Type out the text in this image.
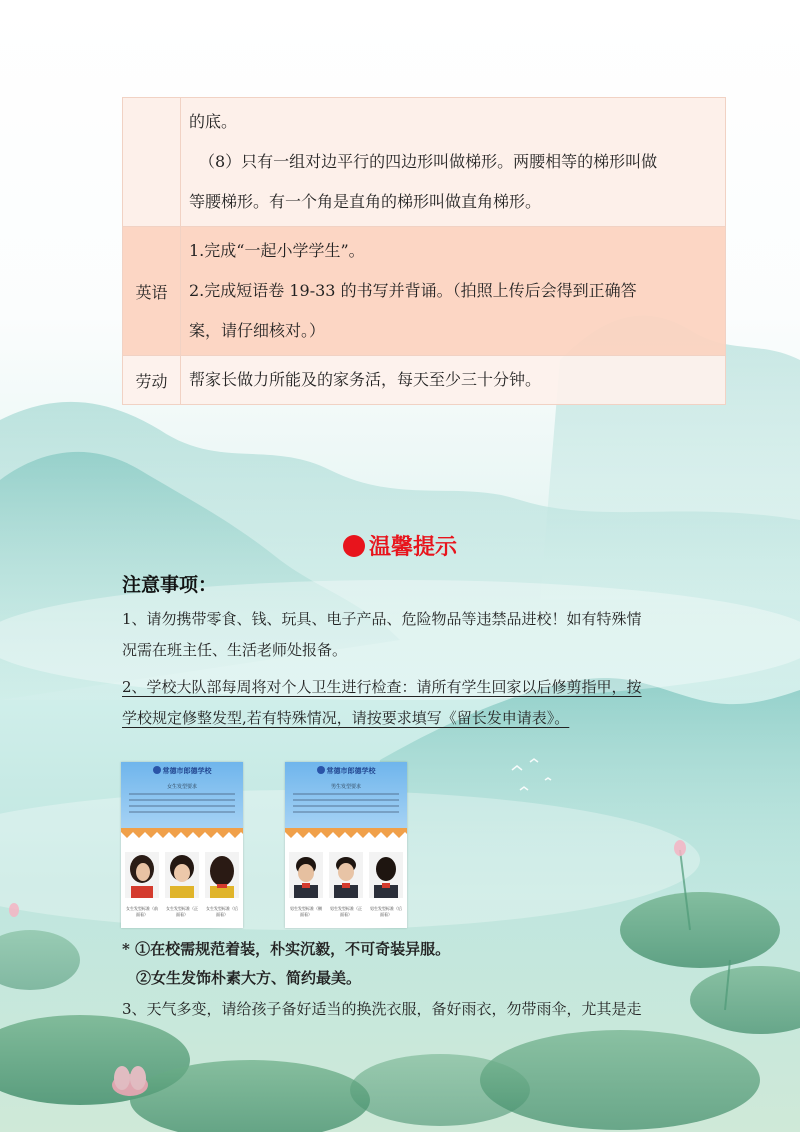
	的底。
（8）只有一组对边平行的四边形叫做梯形。两腰相等的梯形叫做
等腰梯形。有一个角是直角的梯形叫做直角梯形。

英语	1.完成“一起小学学生”。
2.完成短语卷 19-33 的书写并背诵。（拍照上传后会得到正确答
案，请仔细核对。）

劳动	帮家长做力所能及的家务活，每天至少三十分钟。
温馨提示
注意事项：
1、请勿携带零食、钱、玩具、电子产品、危险物品等违禁品进校！如有特殊情
况需在班主任、生活老师处报备。
2、学校大队部每周将对个人卫生进行检查：请所有学生回家以后修剪指甲，按
学校规定修整发型,若有特殊情况，请按要求填写《留长发申请表》。
常德市郎德学校
女生发型要求
女生发型标准（前面看）
女生发型标准（正面看）
女生发型标准（后面看）
常德市郎德学校
男生发型要求
男生发型标准（侧面看）
男生发型标准（正面看）
男生发型标准（后面看）
* ①在校需规范着装，朴实沉毅，不可奇装异服。
②女生发饰朴素大方、简约最美。
3、天气多变，请给孩子备好适当的换洗衣服，备好雨衣，勿带雨伞，尤其是走
